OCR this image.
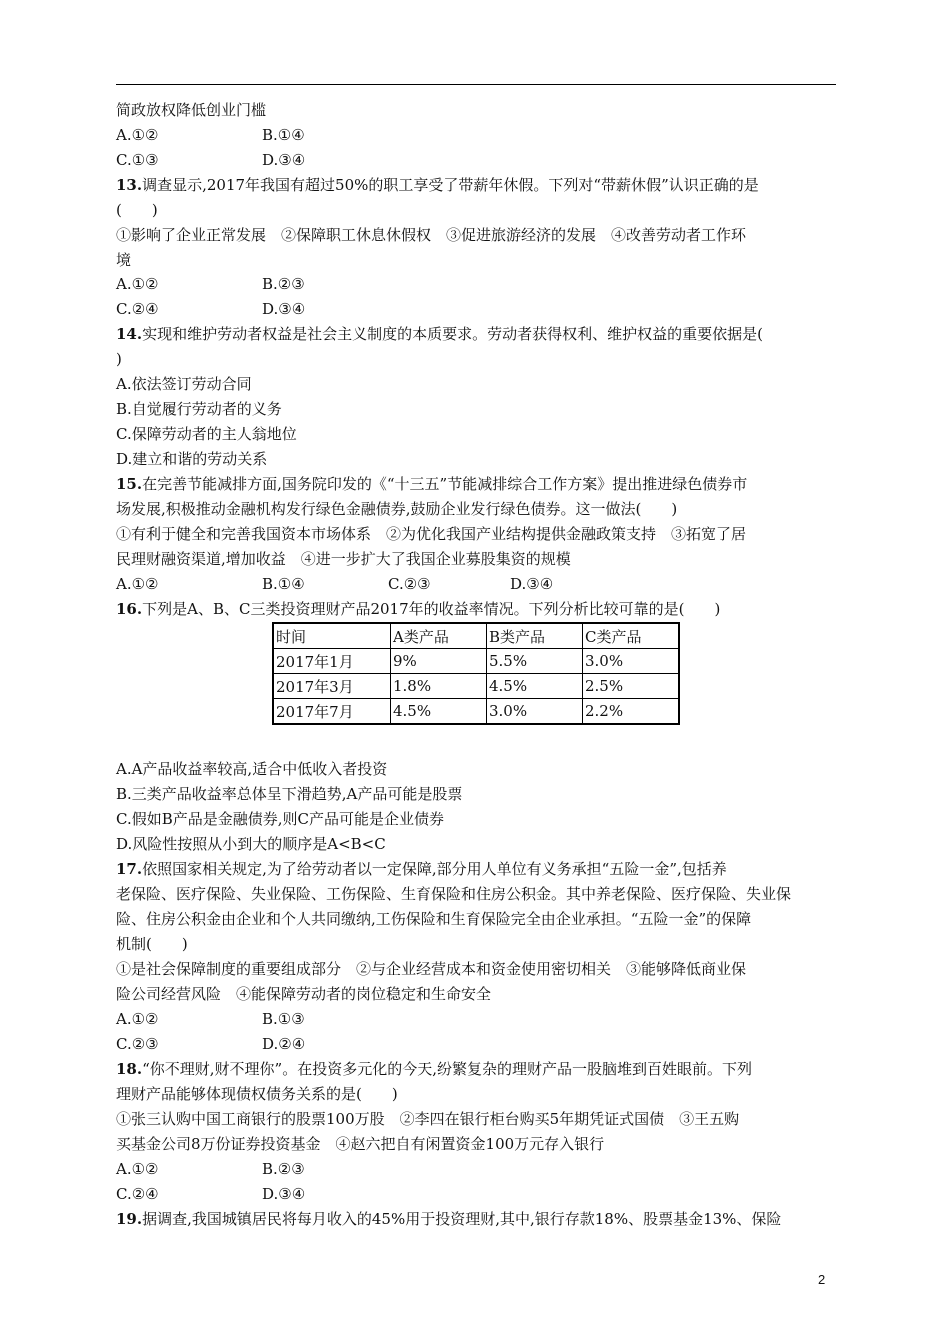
简政放权降低创业门槛
A.①②	B.①④
C.①③	D.③④
13.调查显示,2017年我国有超过50%的职工享受了带薪年休假。下列对“带薪休假”认识正确的是
(　　)
①影响了企业正常发展　②保障职工休息休假权　③促进旅游经济的发展　④改善劳动者工作环
境
A.①②	B.②③
C.②④	D.③④
14.实现和维护劳动者权益是社会主义制度的本质要求。劳动者获得权利、维护权益的重要依据是(
)
A.依法签订劳动合同
B.自觉履行劳动者的义务
C.保障劳动者的主人翁地位
D.建立和谐的劳动关系
15.在完善节能减排方面,国务院印发的《“十三五”节能减排综合工作方案》提出推进绿色债券市
场发展,积极推动金融机构发行绿色金融债券,鼓励企业发行绿色债券。这一做法(　　)
①有利于健全和完善我国资本市场体系　②为优化我国产业结构提供金融政策支持　③拓宽了居
民理财融资渠道,增加收益　④进一步扩大了我国企业募股集资的规模
A.①②	B.①④	C.②③	D.③④
16.下列是A、B、C三类投资理财产品2017年的收益率情况。下列分析比较可靠的是(　　)
时间	A类产品	B类产品	C类产品
2017年1月	9%	5.5%	3.0%
2017年3月	1.8%	4.5%	2.5%
2017年7月	4.5%	3.0%	2.2%
A.A产品收益率较高,适合中低收入者投资
B.三类产品收益率总体呈下滑趋势,A产品可能是股票
C.假如B产品是金融债券,则C产品可能是企业债券
D.风险性按照从小到大的顺序是A<B<C
17.依照国家相关规定,为了给劳动者以一定保障,部分用人单位有义务承担“五险一金”,包括养
老保险、医疗保险、失业保险、工伤保险、生育保险和住房公积金。其中养老保险、医疗保险、失业保
险、住房公积金由企业和个人共同缴纳,工伤保险和生育保险完全由企业承担。“五险一金”的保障
机制(　　)
①是社会保障制度的重要组成部分　②与企业经营成本和资金使用密切相关　③能够降低商业保
险公司经营风险　④能保障劳动者的岗位稳定和生命安全
A.①②	B.①③
C.②③	D.②④
18.“你不理财,财不理你”。在投资多元化的今天,纷繁复杂的理财产品一股脑堆到百姓眼前。下列
理财产品能够体现债权债务关系的是(　　)
①张三认购中国工商银行的股票100万股　②李四在银行柜台购买5年期凭证式国债　③王五购
买基金公司8万份证券投资基金　④赵六把自有闲置资金100万元存入银行
A.①②	B.②③
C.②④	D.③④
19.据调查,我国城镇居民将每月收入的45%用于投资理财,其中,银行存款18%、股票基金13%、保险
2
